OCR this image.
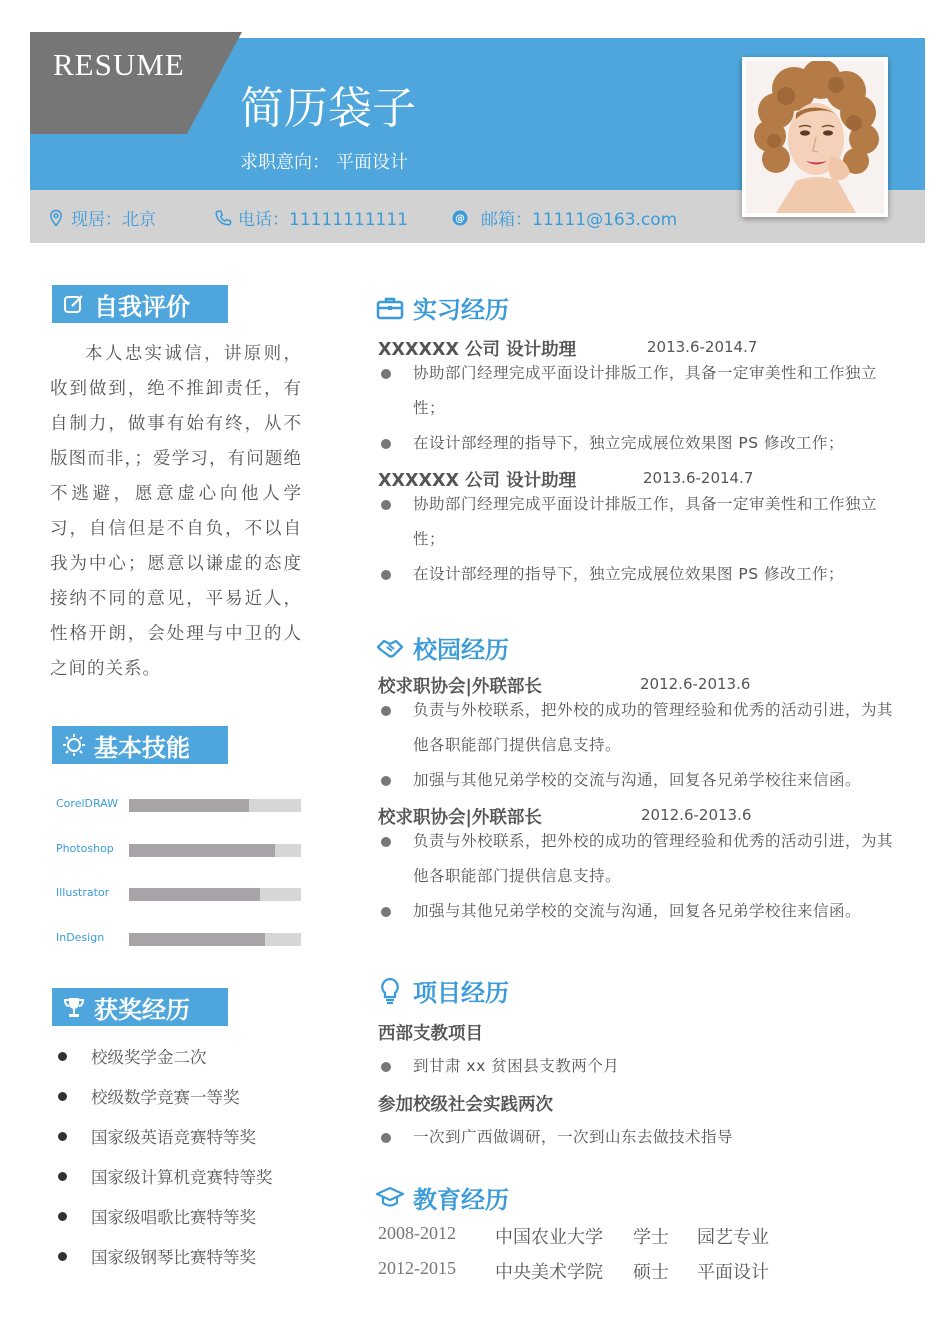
RESUME
简历袋子
求职意向： 平面设计
现居：北京	电话：11111111111	@ 邮箱：11111@163.com
自我评价
本人忠实诚信，讲原则，收到做到，绝不推卸责任，有自制力，做事有始有终，从不版图而非，；爱学习，有问题绝不逃避，愿意虚心向他人学习，自信但是不自负，不以自我为中心；愿意以谦虚的态度接纳不同的意见，平易近人，性格开朗，会处理与中卫的人之间的关系。
基本技能
CorelDRAW
Photoshop
Illustrator
InDesign
获奖经历
校级奖学金二次
校级数学竞赛一等奖
国家级英语竞赛特等奖
国家级计算机竞赛特等奖
国家级唱歌比赛特等奖
国家级钢琴比赛特等奖
实习经历
XXXXXX 公司 设计助理	2013.6-2014.7
协助部门经理完成平面设计排版工作，具备一定审美性和工作独立性；
在设计部经理的指导下，独立完成展位效果图 PS 修改工作；
XXXXXX 公司 设计助理	2013.6-2014.7
协助部门经理完成平面设计排版工作，具备一定审美性和工作独立性；
在设计部经理的指导下，独立完成展位效果图 PS 修改工作；
校园经历
校求职协会|外联部长	2012.6-2013.6
负责与外校联系，把外校的成功的管理经验和优秀的活动引进，为其他各职能部门提供信息支持。
加强与其他兄弟学校的交流与沟通，回复各兄弟学校往来信函。
校求职协会|外联部长	2012.6-2013.6
负责与外校联系，把外校的成功的管理经验和优秀的活动引进，为其他各职能部门提供信息支持。
加强与其他兄弟学校的交流与沟通，回复各兄弟学校往来信函。
项目经历
西部支教项目
到甘肃 xx 贫困县支教两个月
参加校级社会实践两次
一次到广西做调研，一次到山东去做技术指导
教育经历
2008-2012	中国农业大学	学士	园艺专业
2012-2015	中央美术学院	硕士	平面设计
